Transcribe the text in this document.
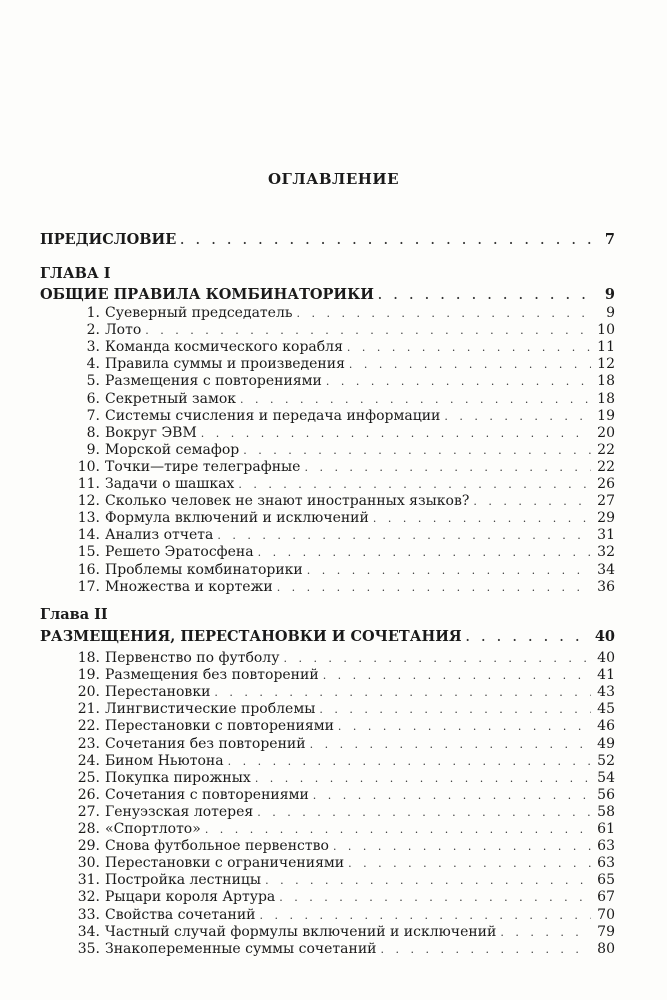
ОГЛАВЛЕНИЕ
ПРЕДИСЛОВИЕ . . .	7
ГЛАВА I
ОБЩИЕ ПРАВИЛА КОМБИНАТОРИКИ . . .	9
1. Суеверный председатель . . .	9
2. Лото . . .	10
3. Команда космического корабля . . .	11
4. Правила суммы и произведения . . .	12
5. Размещения с повторениями . . .	18
6. Секретный замок . . .	18
7. Системы счисления и передача информации . . .	19
8. Вокруг ЭВМ . . .	20
9. Морской семафор . . .	22
10. Точки—тире телеграфные . . .	22
11. Задачи о шашках . . .	26
12. Сколько человек не знают иностранных языков? . . .	27
13. Формула включений и исключений . . .	29
14. Анализ отчета . . .	31
15. Решето Эратосфена . . .	32
16. Проблемы комбинаторики . . .	34
17. Множества и кортежи . . .	36
Глава II
РАЗМЕЩЕНИЯ, ПЕРЕСТАНОВКИ И СОЧЕТАНИЯ . . .	40
18. Первенство по футболу . . .	40
19. Размещения без повторений . . .	41
20. Перестановки . . .	43
21. Лингвистические проблемы . . .	45
22. Перестановки с повторениями . . .	46
23. Сочетания без повторений . . .	49
24. Бином Ньютона . . .	52
25. Покупка пирожных . . .	54
26. Сочетания с повторениями . . .	56
27. Генуэзская лотерея . . .	58
28. «Спортлото» . . .	61
29. Снова футбольное первенство . . .	63
30. Перестановки с ограничениями . . .	63
31. Постройка лестницы . . .	65
32. Рыцари короля Артура . . .	67
33. Свойства сочетаний . . .	70
34. Частный случай формулы включений и исключений . . .	79
35. Знакопеременные суммы сочетаний . . .	80
